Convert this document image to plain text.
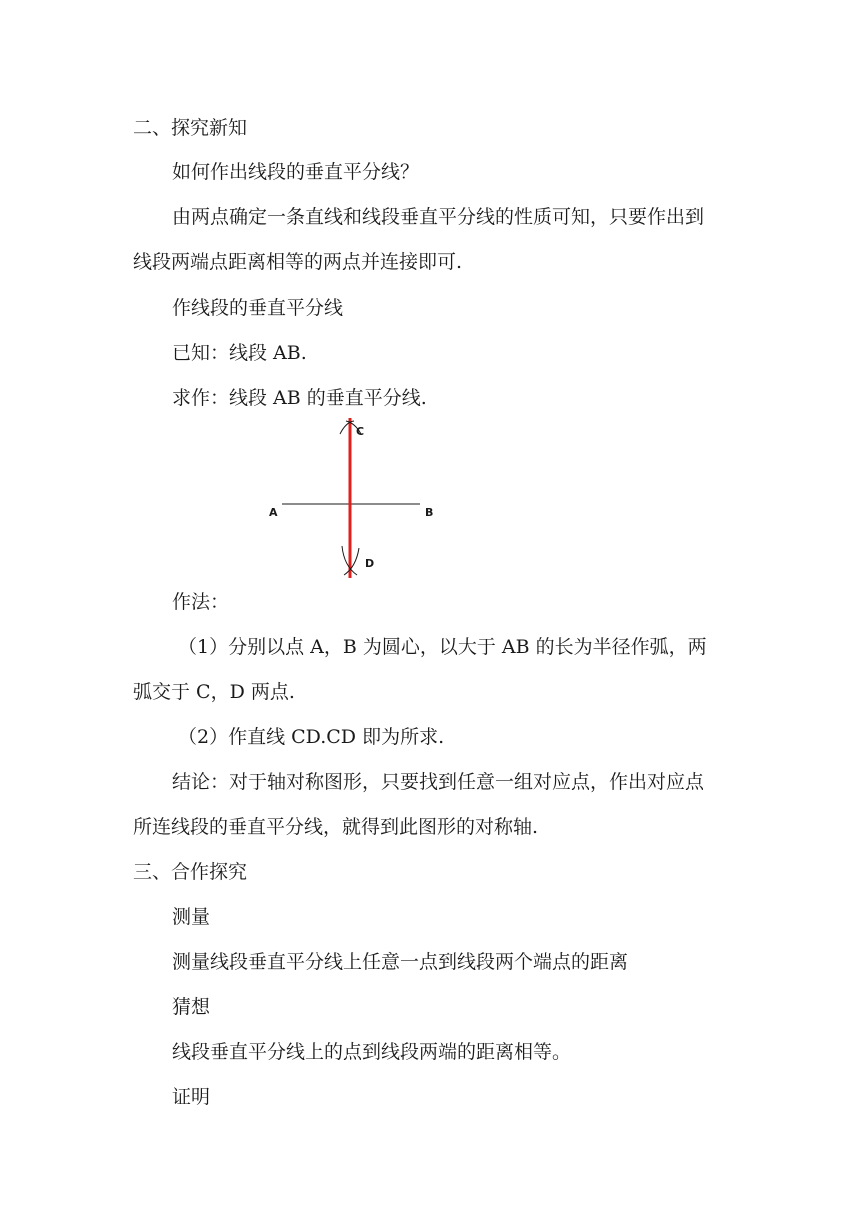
二、探究新知
如何作出线段的垂直平分线？
由两点确定一条直线和线段垂直平分线的性质可知，只要作出到
线段两端点距离相等的两点并连接即可.
作线段的垂直平分线
已知：线段 AB.
求作：线段 AB 的垂直平分线.
A	B
C
D
作法：
（1）分别以点 A，B 为圆心，以大于 AB 的长为半径作弧，两
弧交于 C，D 两点.
（2）作直线 CD.CD 即为所求.
结论：对于轴对称图形，只要找到任意一组对应点，作出对应点
所连线段的垂直平分线，就得到此图形的对称轴.
三、合作探究
测量
测量线段垂直平分线上任意一点到线段两个端点的距离
猜想
线段垂直平分线上的点到线段两端的距离相等。
证明
